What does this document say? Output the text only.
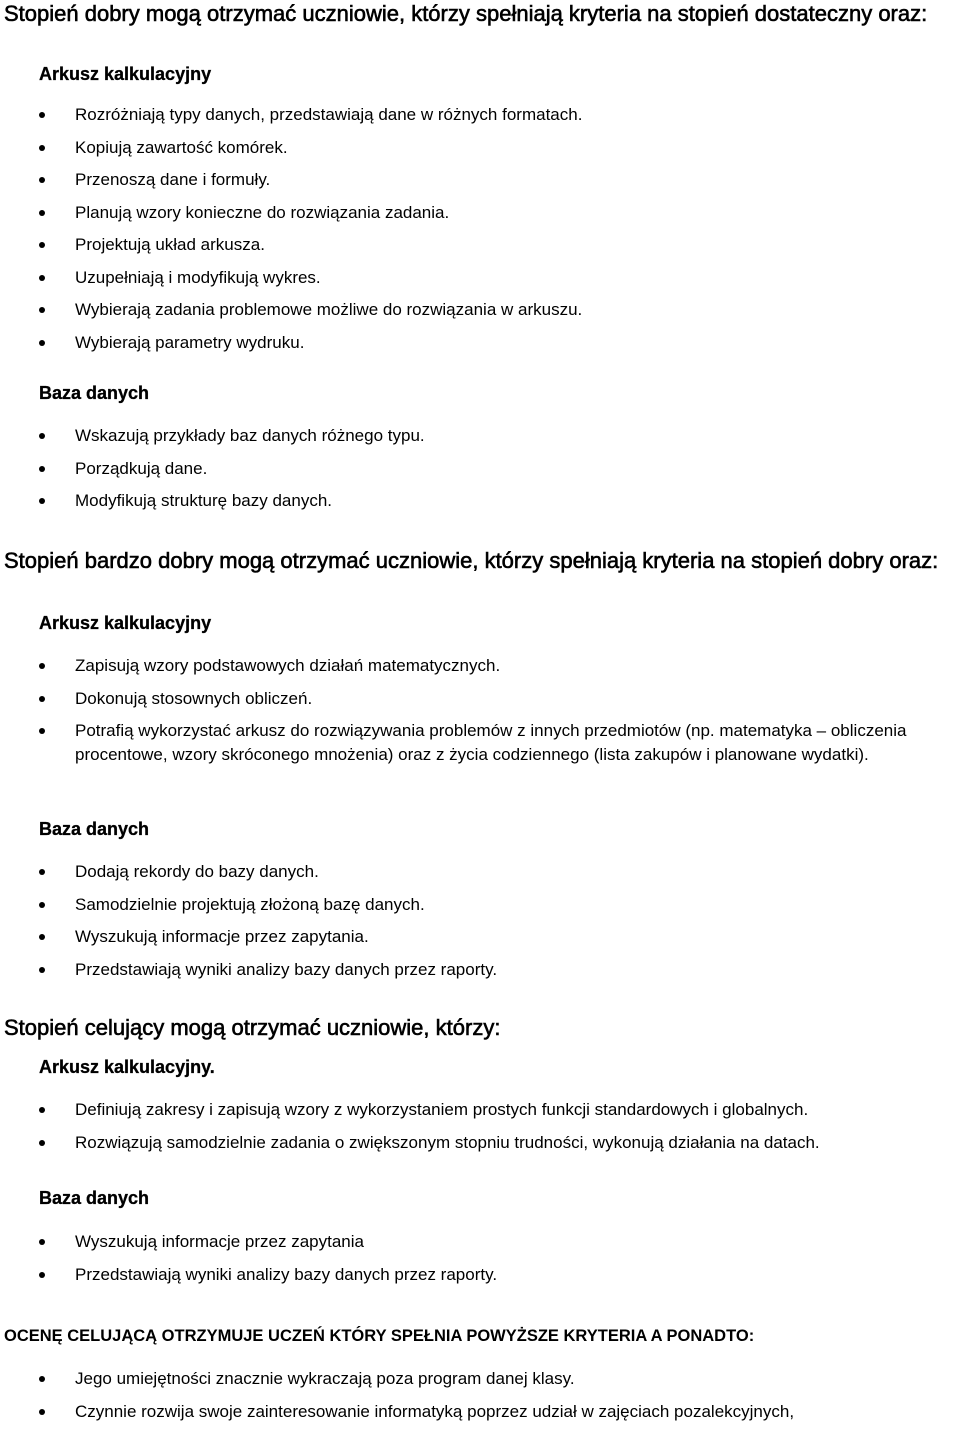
Stopień dobry mogą otrzymać uczniowie, którzy spełniają kryteria na stopień dostateczny oraz:
Arkusz kalkulacyjny
Rozróżniają typy danych, przedstawiają dane w różnych formatach.
Kopiują zawartość komórek.
Przenoszą dane i formuły.
Planują wzory konieczne do rozwiązania zadania.
Projektują układ arkusza.
Uzupełniają i modyfikują wykres.
Wybierają zadania problemowe możliwe do rozwiązania w arkuszu.
Wybierają parametry wydruku.
Baza danych
Wskazują przykłady baz danych różnego typu.
Porządkują dane.
Modyfikują strukturę bazy danych.
Stopień bardzo dobry mogą otrzymać uczniowie, którzy spełniają kryteria na stopień dobry oraz:
Arkusz kalkulacyjny
Zapisują wzory podstawowych działań matematycznych.
Dokonują stosownych obliczeń.
Potrafią wykorzystać arkusz do rozwiązywania problemów z innych przedmiotów (np. matematyka – obliczenia procentowe, wzory skróconego mnożenia) oraz z życia codziennego (lista zakupów i planowane wydatki).
Baza danych
Dodają rekordy do bazy danych.
Samodzielnie projektują złożoną bazę danych.
Wyszukują informacje przez zapytania.
Przedstawiają wyniki analizy bazy danych przez raporty.
Stopień celujący mogą otrzymać uczniowie, którzy:
Arkusz kalkulacyjny.
Definiują zakresy i zapisują wzory z wykorzystaniem prostych funkcji standardowych i globalnych.
Rozwiązują samodzielnie zadania o zwiększonym stopniu trudności, wykonują działania na datach.
Baza danych
Wyszukują informacje przez zapytania
Przedstawiają wyniki analizy bazy danych przez raporty.
OCENĘ CELUJĄCĄ OTRZYMUJE UCZEŃ KTÓRY SPEŁNIA POWYŻSZE KRYTERIA A PONADTO:
Jego umiejętności znacznie wykraczają poza program danej klasy.
Czynnie rozwija swoje zainteresowanie informatyką poprzez udział w zajęciach pozalekcyjnych,
